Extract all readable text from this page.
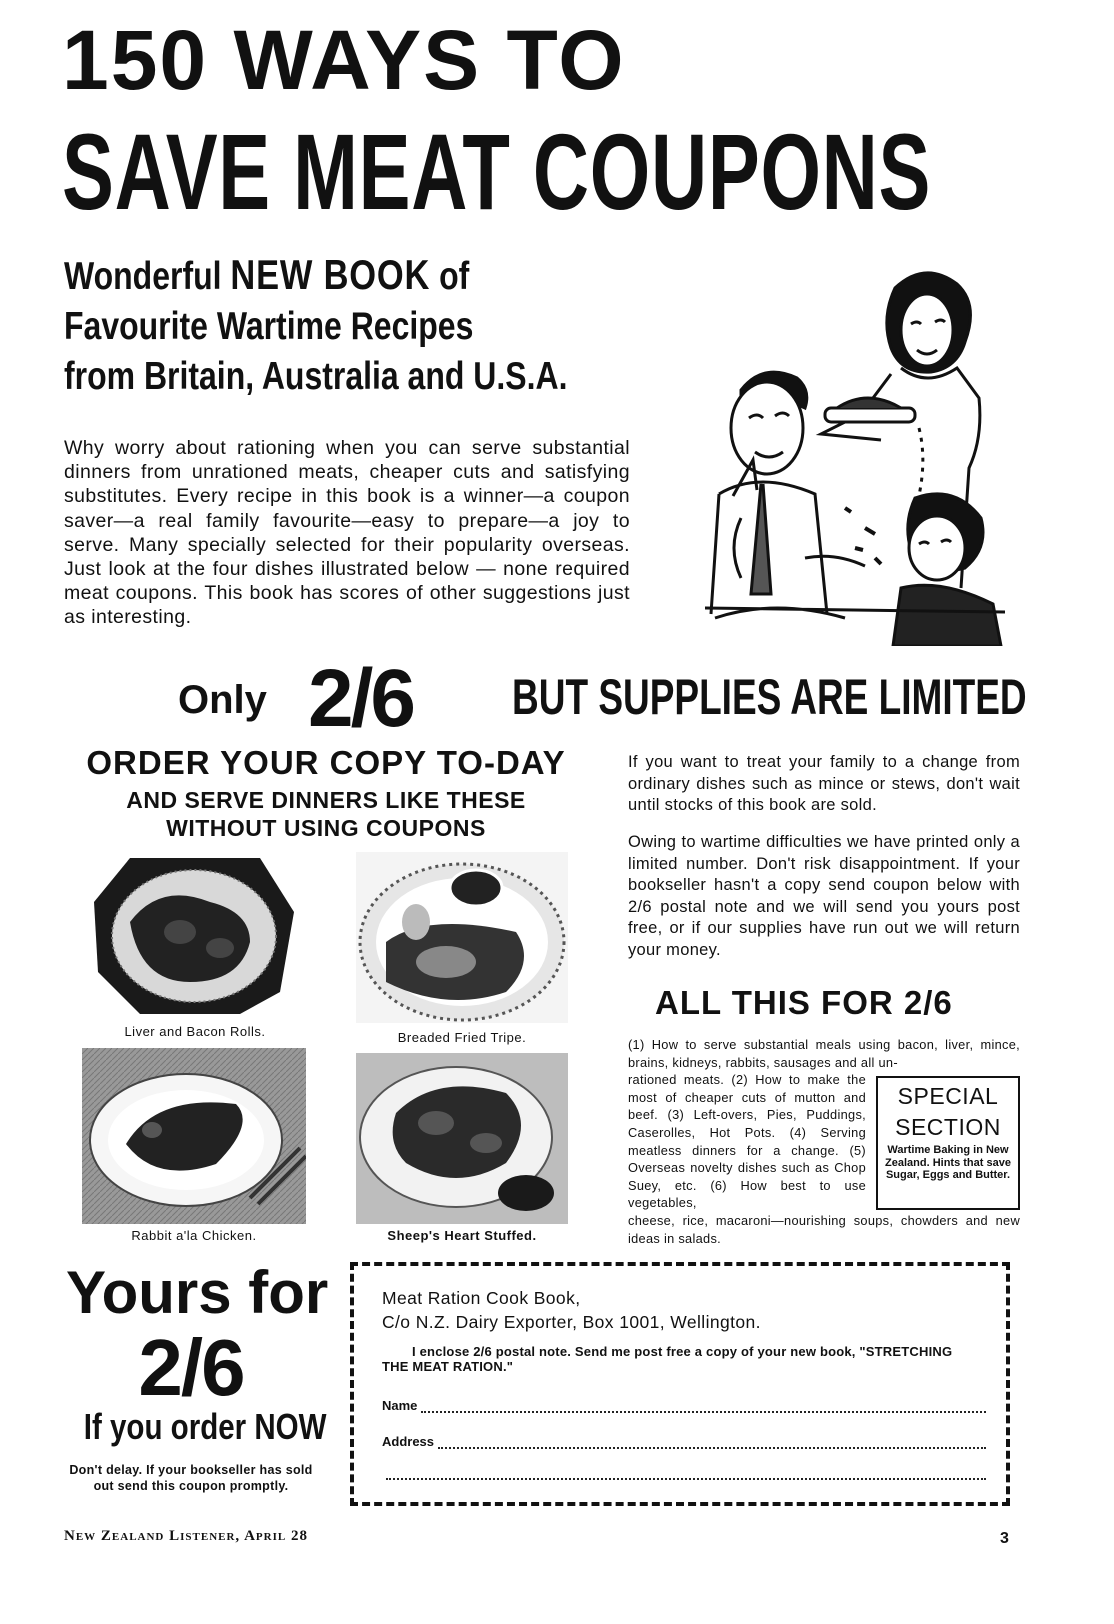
150 WAYS TO
SAVE MEAT COUPONS
Wonderful NEW BOOK of
Favourite Wartime Recipes
from Britain, Australia and U.S.A.
Why worry about rationing when you can serve substantial dinners from unrationed meats, cheaper cuts and satisfying substitutes. Every recipe in this book is a winner—a coupon saver—a real family favourite—easy to prepare—a joy to serve. Many specially selected for their popularity overseas. Just look at the four dishes illustrated below — none required meat coupons. This book has scores of other suggestions just as interesting.
Only 2/6 BUT SUPPLIES ARE LIMITED
ORDER YOUR COPY TO-DAY
AND SERVE DINNERS LIKE THESE
WITHOUT USING COUPONS
Liver and Bacon Rolls.	Breaded Fried Tripe.
Rabbit a'la Chicken.	Sheep's Heart Stuffed.
If you want to treat your family to a change from ordinary dishes such as mince or stews, don't wait until stocks of this book are sold.
Owing to wartime difficulties we have printed only a limited number. Don't risk disappointment. If your bookseller hasn't a copy send coupon below with 2/6 postal note and we will send you yours post free, or if our supplies have run out we will return your money.
ALL THIS FOR 2/6
(1) How to serve substantial meals using bacon, liver, mince, brains, kidneys, rabbits, sausages and all un-
rationed meats. (2) How to make the most of cheaper cuts of mutton and beef. (3) Left-overs, Pies, Puddings, Caserolles, Hot Pots. (4) Serving meatless dinners for a change. (5) Overseas novelty dishes such as Chop Suey, etc. (6) How best to use vegetables,
cheese, rice, macaroni—nourishing soups, chowders and new ideas in salads.
SPECIAL
SECTION
Wartime Baking in New Zealand. Hints that save Sugar, Eggs and Butter.
Yours for
2/6
If you order NOW
Don't delay. If your bookseller has sold out send this coupon promptly.
Meat Ration Cook Book,
C/o N.Z. Dairy Exporter, Box 1001, Wellington.
I enclose 2/6 postal note. Send me post free a copy of your new book, "STRETCHING
THE MEAT RATION."
Name
Address
New Zealand Listener, April 28	3
